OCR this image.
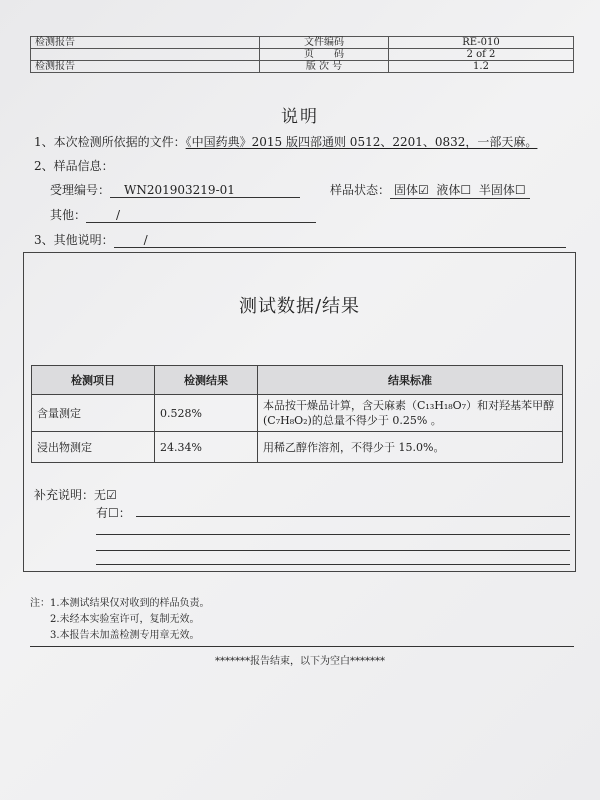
检测报告	文件编码	RE-010
	页　　码	2 of 2
检测报告	版 次 号	1.2
说明
1、本次检测所依据的文件：《中国药典》2015 版四部通则 0512、2201、0832，一部天麻。
2、样品信息：
受理编号： WN201903219-01	样品状态： 固体☑ 液体☐ 半固体☐
其他：	/
3、其他说明：	/
测试数据/结果
检测项目	检测结果	结果标准
含量测定	0.528%	本品按干燥品计算，含天麻素（C₁₃H₁₈O₇）和对羟基苯甲醇(C₇H₈O₂)的总量不得少于 0.25% 。
浸出物测定	24.34%	用稀乙醇作溶剂，不得少于 15.0%。
补充说明：无☑
有☐：
注：1.本测试结果仅对收到的样品负责。
2.未经本实验室许可，复制无效。
3.本报告未加盖检测专用章无效。
*******报告结束，以下为空白*******
